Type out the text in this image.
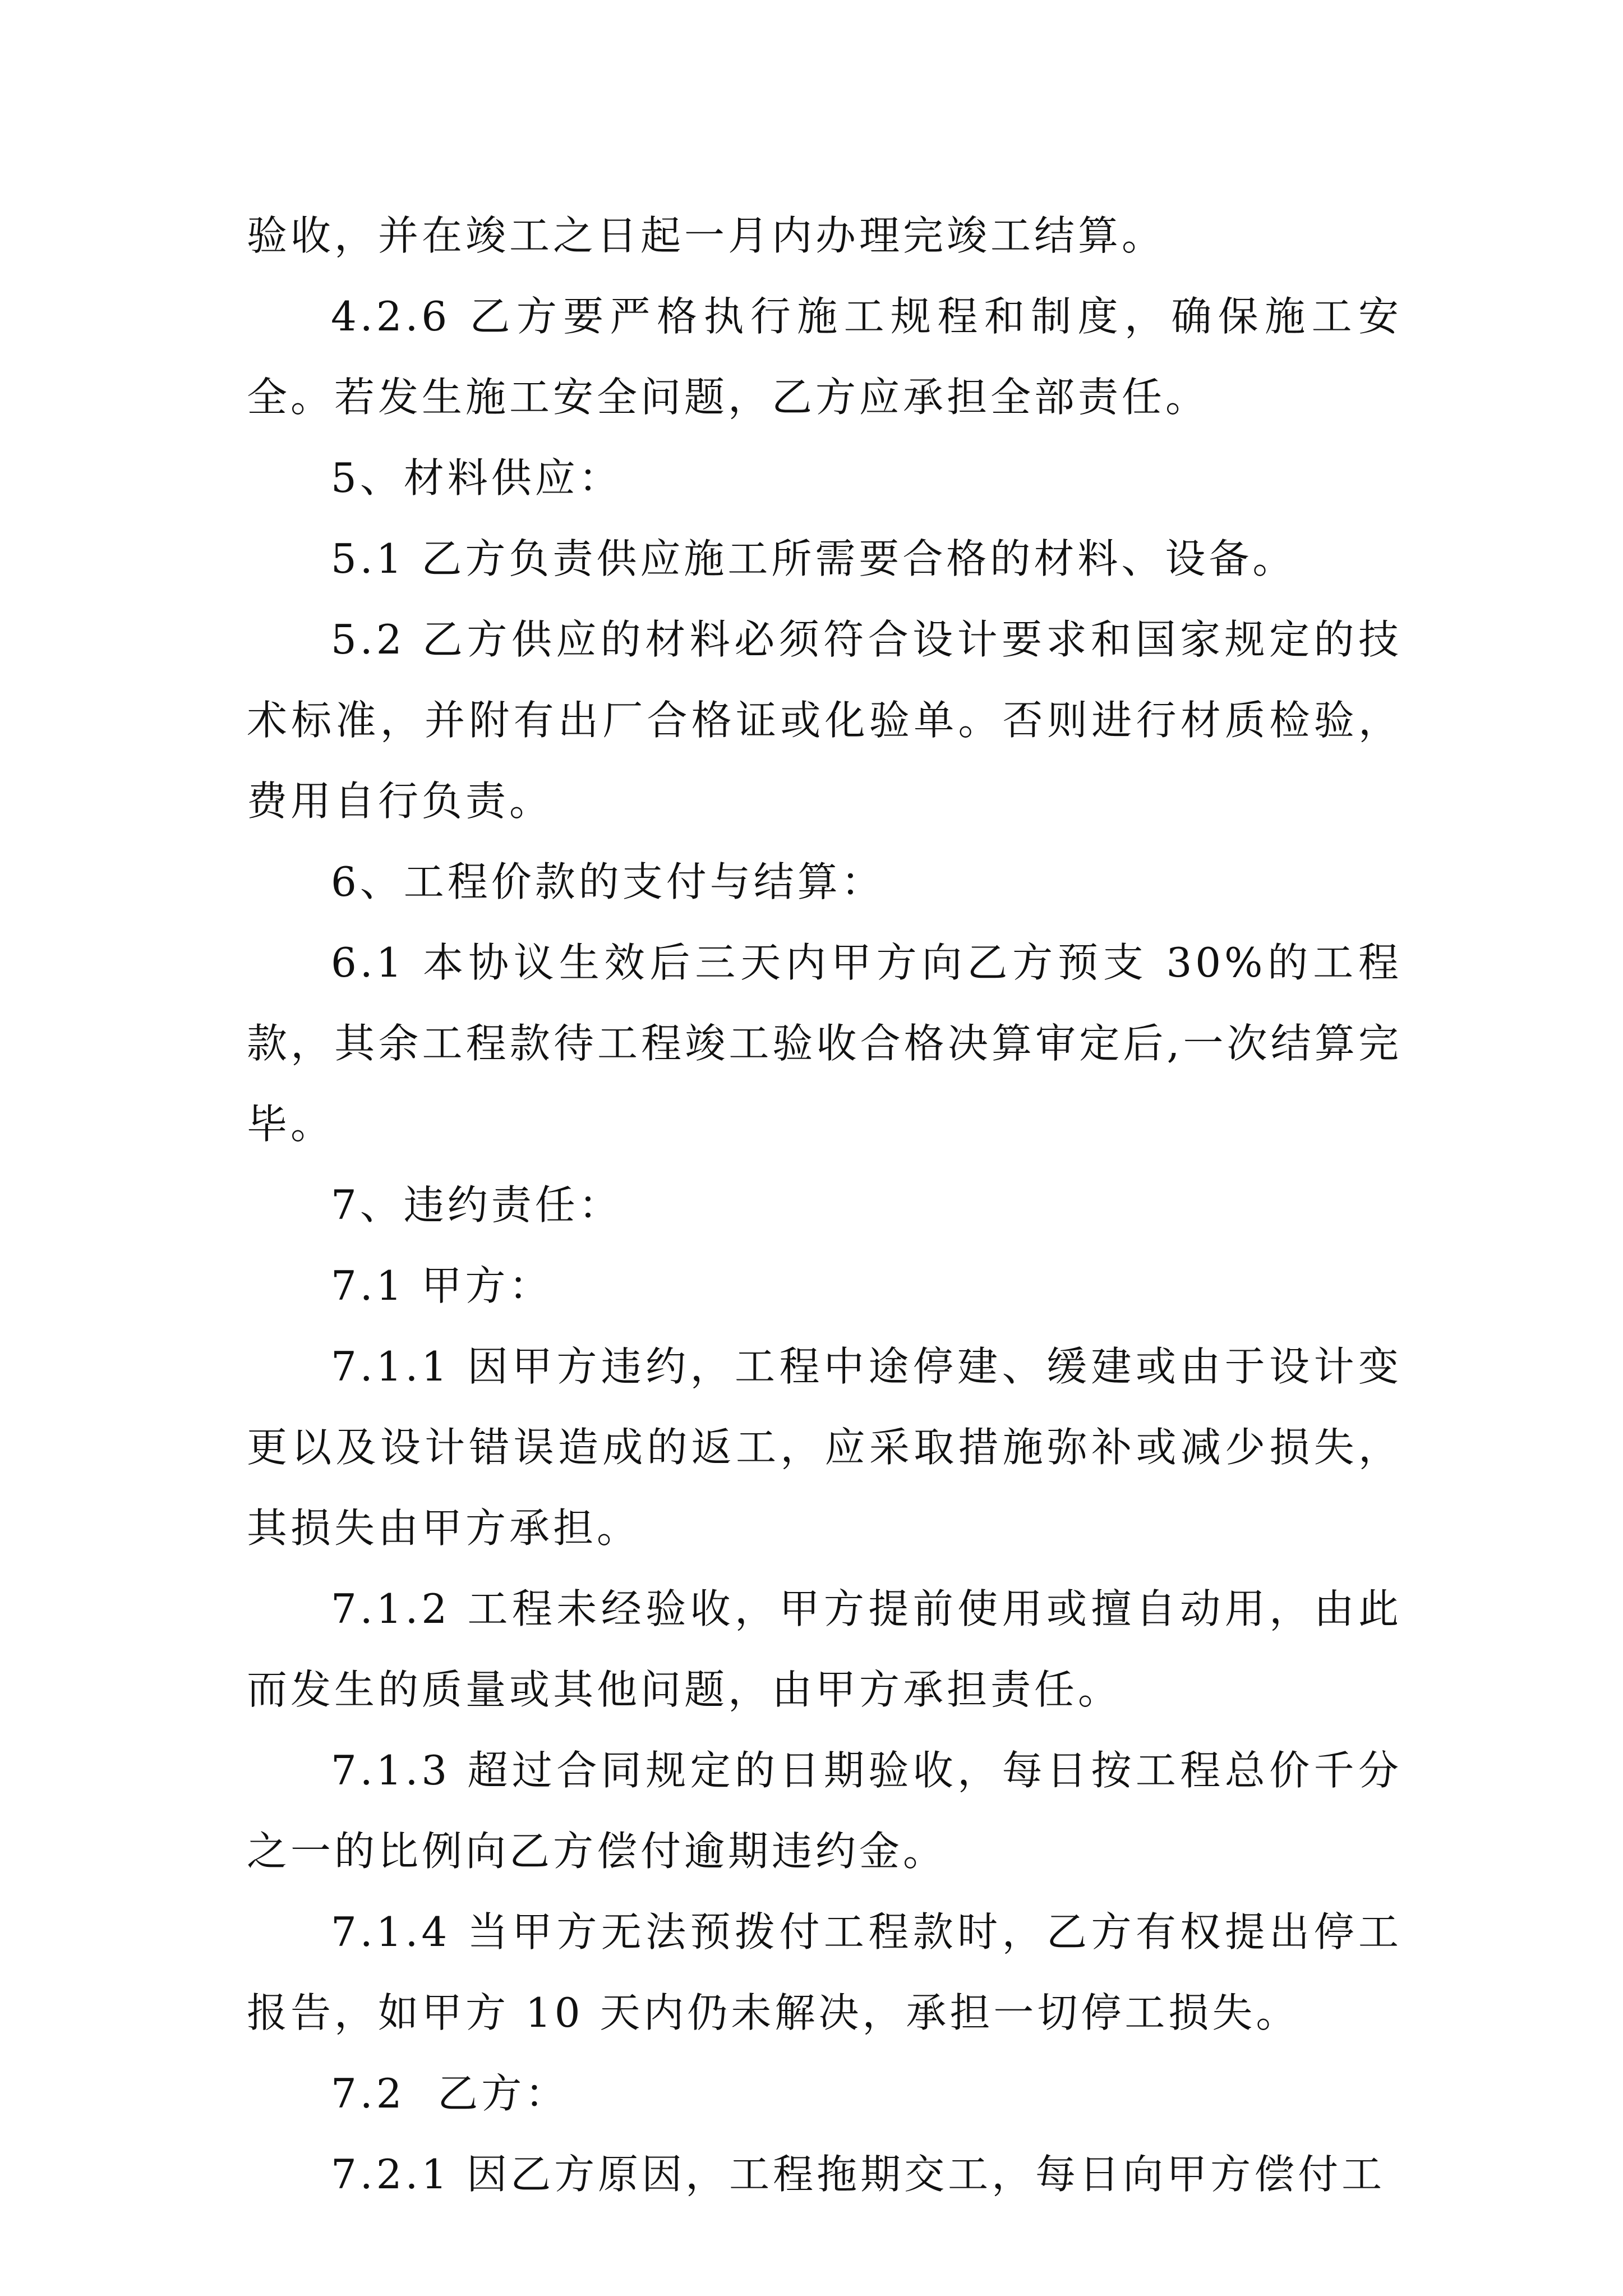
验收，并在竣工之日起一月内办理完竣工结算。

4.2.6 乙方要严格执行施工规程和制度，确保施工安全。若发生施工安全问题，乙方应承担全部责任。

5、材料供应：

5.1 乙方负责供应施工所需要合格的材料、设备。

5.2 乙方供应的材料必须符合设计要求和国家规定的技术标准，并附有出厂合格证或化验单。否则进行材质检验，费用自行负责。

6、工程价款的支付与结算：

6.1 本协议生效后三天内甲方向乙方预支 30%的工程款，其余工程款待工程竣工验收合格决算审定后,一次结算完毕。

7、违约责任：

7.1 甲方：

7.1.1 因甲方违约，工程中途停建、缓建或由于设计变更以及设计错误造成的返工，应采取措施弥补或减少损失，其损失由甲方承担。

7.1.2 工程未经验收，甲方提前使用或擅自动用，由此而发生的质量或其他问题，由甲方承担责任。

7.1.3 超过合同规定的日期验收，每日按工程总价千分之一的比例向乙方偿付逾期违约金。

7.1.4 当甲方无法预拨付工程款时，乙方有权提出停工报告，如甲方 10 天内仍未解决，承担一切停工损失。

7.2  乙方：

7.2.1 因乙方原因，工程拖期交工，每日向甲方偿付工
